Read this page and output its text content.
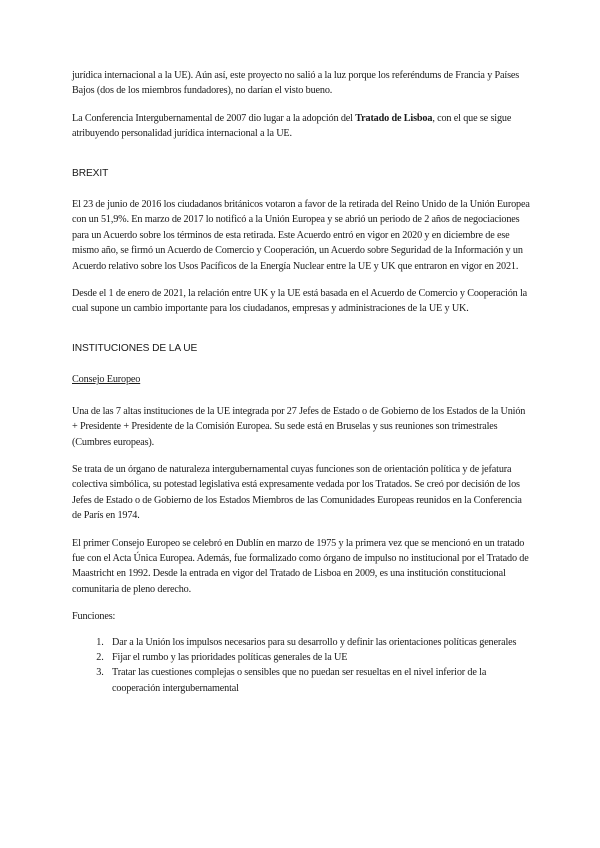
jurídica internacional a la UE). Aún así, este proyecto no salió a la luz porque los referéndums de Francia y Países Bajos (dos de los miembros fundadores), no darían el visto bueno.

La Conferencia Intergubernamental de 2007 dio lugar a la adopción del Tratado de Lisboa, con el que se sigue atribuyendo personalidad jurídica internacional a la UE.

BREXIT

El 23 de junio de 2016 los ciudadanos británicos votaron a favor de la retirada del Reino Unido de la Unión Europea con un 51,9%. En marzo de 2017 lo notificó a la Unión Europea y se abrió un periodo de 2 años de negociaciones para un Acuerdo sobre los términos de esta retirada. Este Acuerdo entró en vigor en 2020 y en diciembre de ese mismo año, se firmó un Acuerdo de Comercio y Cooperación, un Acuerdo sobre Seguridad de la Información y un Acuerdo relativo sobre los Usos Pacíficos de la Energía Nuclear entre la UE y UK que entraron en vigor en 2021.

Desde el 1 de enero de 2021, la relación entre UK y la UE está basada en el Acuerdo de Comercio y Cooperación la cual supone un cambio importante para los ciudadanos, empresas y administraciones de la UE y UK.

INSTITUCIONES DE LA UE

Consejo Europeo

Una de las 7 altas instituciones de la UE integrada por 27 Jefes de Estado o de Gobierno de los Estados de la Unión + Presidente + Presidente de la Comisión Europea. Su sede está en Bruselas y sus reuniones son trimestrales (Cumbres europeas).

Se trata de un órgano de naturaleza intergubernamental cuyas funciones son de orientación política y de jefatura colectiva simbólica, su potestad legislativa está expresamente vedada por los Tratados. Se creó por decisión de los Jefes de Estado o de Gobierno de los Estados Miembros de las Comunidades Europeas reunidos en la Conferencia de París en 1974.

El primer Consejo Europeo se celebró en Dublín en marzo de 1975 y la primera vez que se mencionó en un tratado fue con el Acta Única Europea. Además, fue formalizado como órgano de impulso no institucional por el Tratado de Maastricht en 1992. Desde la entrada en vigor del Tratado de Lisboa en 2009, es una institución constitucional comunitaria de pleno derecho.

Funciones:

1. Dar a la Unión los impulsos necesarios para su desarrollo y definir las orientaciones políticas generales
2. Fijar el rumbo y las prioridades políticas generales de la UE
3. Tratar las cuestiones complejas o sensibles que no puedan ser resueltas en el nivel inferior de la cooperación intergubernamental
